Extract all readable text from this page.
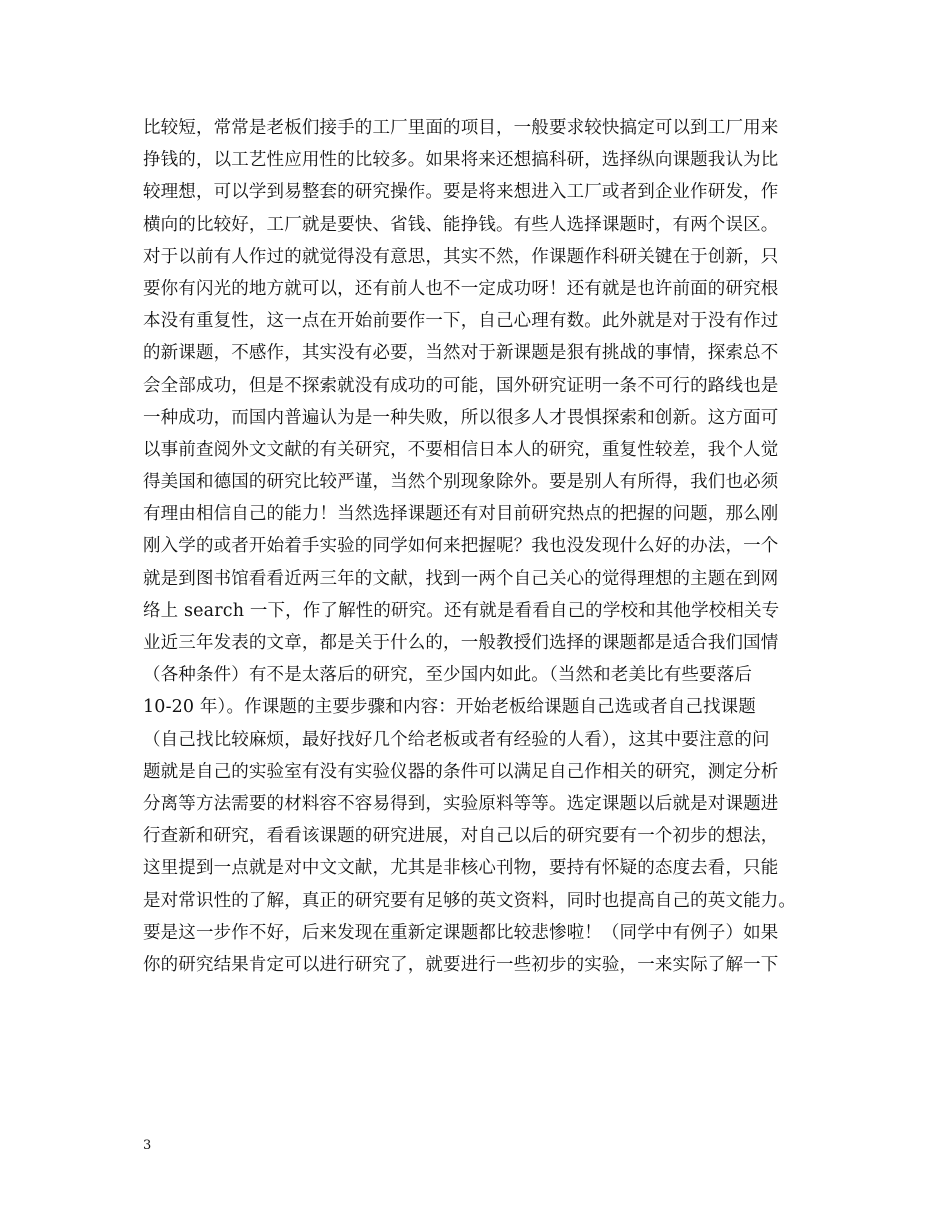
比较短，常常是老板们接手的工厂里面的项目，一般要求较快搞定可以到工厂用来
挣钱的，以工艺性应用性的比较多。如果将来还想搞科研，选择纵向课题我认为比
较理想，可以学到易整套的研究操作。要是将来想进入工厂或者到企业作研发，作
横向的比较好，工厂就是要快、省钱、能挣钱。有些人选择课题时，有两个误区。
对于以前有人作过的就觉得没有意思，其实不然，作课题作科研关键在于创新，只
要你有闪光的地方就可以，还有前人也不一定成功呀！还有就是也许前面的研究根
本没有重复性，这一点在开始前要作一下，自己心理有数。此外就是对于没有作过
的新课题，不感作，其实没有必要，当然对于新课题是狠有挑战的事情，探索总不
会全部成功，但是不探索就没有成功的可能，国外研究证明一条不可行的路线也是
一种成功，而国内普遍认为是一种失败，所以很多人才畏惧探索和创新。这方面可
以事前查阅外文文献的有关研究，不要相信日本人的研究，重复性较差，我个人觉
得美国和德国的研究比较严谨，当然个别现象除外。要是别人有所得，我们也必须
有理由相信自己的能力！当然选择课题还有对目前研究热点的把握的问题，那么刚
刚入学的或者开始着手实验的同学如何来把握呢？我也没发现什么好的办法，一个
就是到图书馆看看近两三年的文献，找到一两个自己关心的觉得理想的主题在到网
络上 search 一下，作了解性的研究。还有就是看看自己的学校和其他学校相关专
业近三年发表的文章，都是关于什么的，一般教授们选择的课题都是适合我们国情
（各种条件）有不是太落后的研究，至少国内如此。（当然和老美比有些要落后
10-20 年）。作课题的主要步骤和内容：开始老板给课题自己选或者自己找课题
（自己找比较麻烦，最好找好几个给老板或者有经验的人看），这其中要注意的问
题就是自己的实验室有没有实验仪器的条件可以满足自己作相关的研究，测定分析
分离等方法需要的材料容不容易得到，实验原料等等。选定课题以后就是对课题进
行查新和研究，看看该课题的研究进展，对自己以后的研究要有一个初步的想法，
这里提到一点就是对中文文献，尤其是非核心刊物，要持有怀疑的态度去看，只能
是对常识性的了解，真正的研究要有足够的英文资料，同时也提高自己的英文能力。
要是这一步作不好，后来发现在重新定课题都比较悲惨啦！（同学中有例子）如果
你的研究结果肯定可以进行研究了，就要进行一些初步的实验，一来实际了解一下
3
